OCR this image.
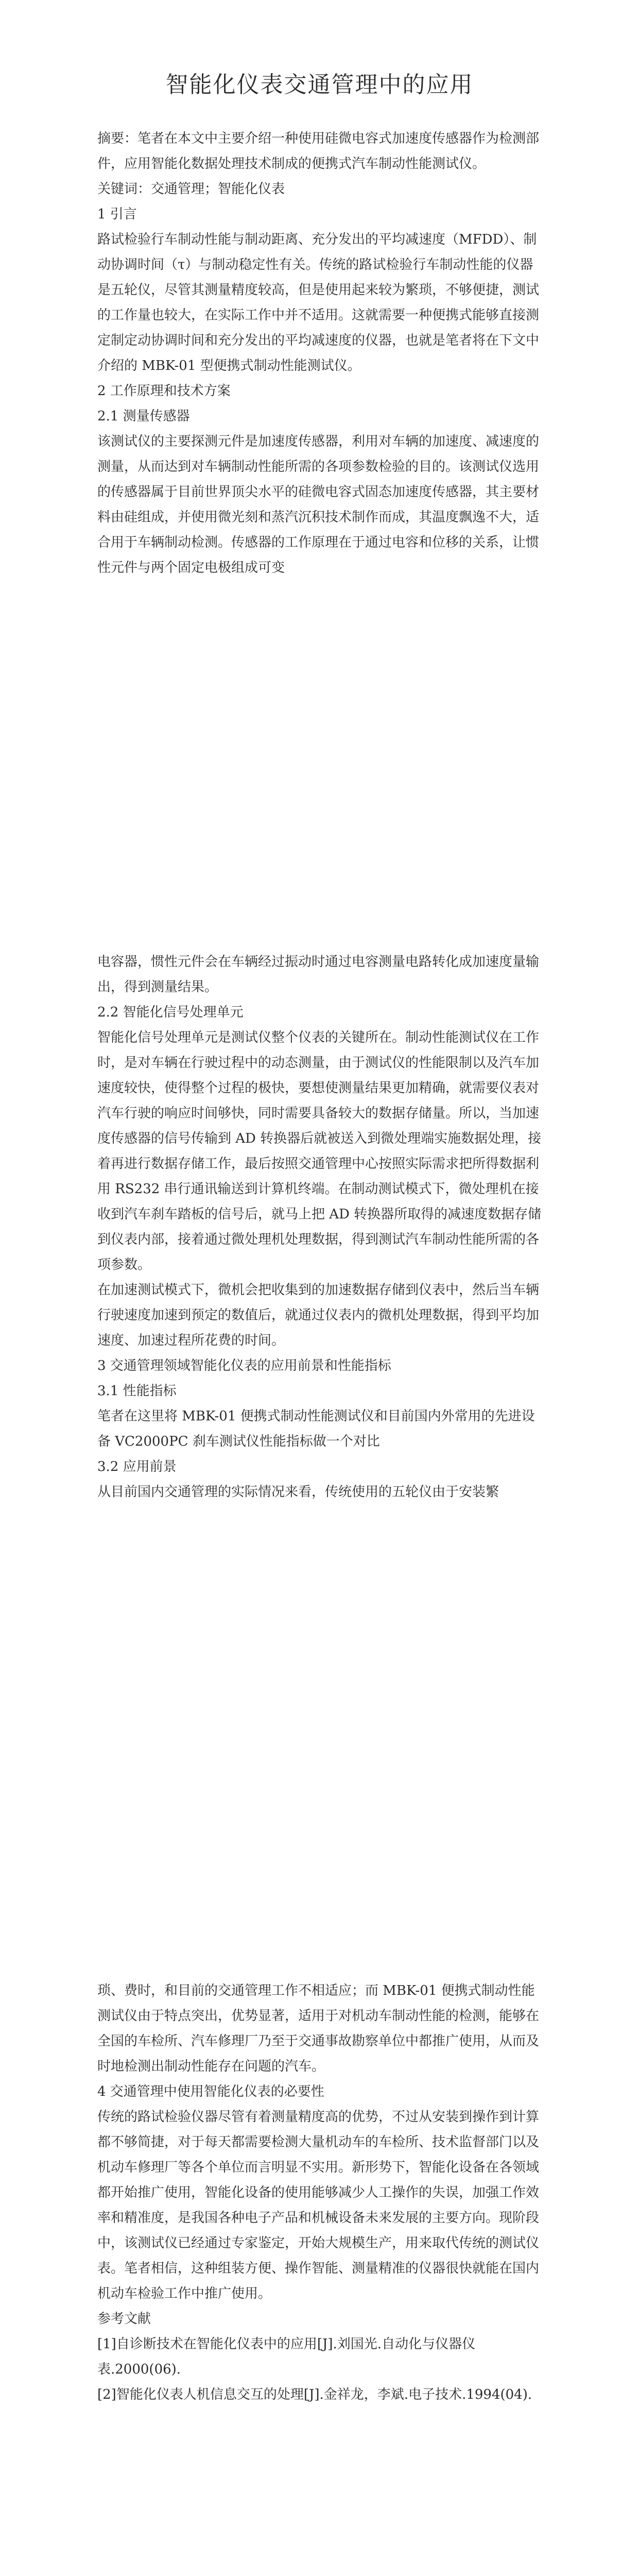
智能化仪表交通管理中的应用

摘要：笔者在本文中主要介绍一种使用硅微电容式加速度传感器作为检测部件，应用智能化数据处理技术制成的便携式汽车制动性能测试仪。

关键词：交通管理；智能化仪表

1 引言

路试检验行车制动性能与制动距离、充分发出的平均减速度（MFDD）、制动协调时间（τ）与制动稳定性有关。传统的路试检验行车制动性能的仪器是五轮仪，尽管其测量精度较高，但是使用起来较为繁琐，不够便捷，测试的工作量也较大，在实际工作中并不适用。这就需要一种便携式能够直接测定制定动协调时间和充分发出的平均减速度的仪器，也就是笔者将在下文中介绍的 MBK-01 型便携式制动性能测试仪。

2 工作原理和技术方案

2.1 测量传感器

该测试仪的主要探测元件是加速度传感器，利用对车辆的加速度、减速度的测量，从而达到对车辆制动性能所需的各项参数检验的目的。该测试仪选用的传感器属于目前世界顶尖水平的硅微电容式固态加速度传感器，其主要材料由硅组成，并使用微光刻和蒸汽沉积技术制作而成，其温度飘逸不大，适合用于车辆制动检测。传感器的工作原理在于通过电容和位移的关系，让惯性元件与两个固定电极组成可变

电容器，惯性元件会在车辆经过振动时通过电容测量电路转化成加速度量输出，得到测量结果。

2.2 智能化信号处理单元

智能化信号处理单元是测试仪整个仪表的关键所在。制动性能测试仪在工作时，是对车辆在行驶过程中的动态测量，由于测试仪的性能限制以及汽车加速度较快，使得整个过程的极快，要想使测量结果更加精确，就需要仪表对汽车行驶的响应时间够快，同时需要具备较大的数据存储量。所以，当加速度传感器的信号传输到 AD 转换器后就被送入到微处理端实施数据处理，接着再进行数据存储工作，最后按照交通管理中心按照实际需求把所得数据利用 RS232 串行通讯输送到计算机终端。在制动测试模式下，微处理机在接收到汽车刹车踏板的信号后，就马上把 AD 转换器所取得的减速度数据存储到仪表内部，接着通过微处理机处理数据，得到测试汽车制动性能所需的各项参数。

在加速测试模式下，微机会把收集到的加速数据存储到仪表中，然后当车辆行驶速度加速到预定的数值后，就通过仪表内的微机处理数据，得到平均加速度、加速过程所花费的时间。

3 交通管理领域智能化仪表的应用前景和性能指标

3.1 性能指标

笔者在这里将 MBK-01 便携式制动性能测试仪和目前国内外常用的先进设备 VC2000PC 刹车测试仪性能指标做一个对比

3.2 应用前景

从目前国内交通管理的实际情况来看，传统使用的五轮仪由于安装繁

琐、费时，和目前的交通管理工作不相适应；而 MBK-01 便携式制动性能测试仪由于特点突出，优势显著，适用于对机动车制动性能的检测，能够在全国的车检所、汽车修理厂乃至于交通事故勘察单位中都推广使用，从而及时地检测出制动性能存在问题的汽车。

4 交通管理中使用智能化仪表的必要性

传统的路试检验仪器尽管有着测量精度高的优势，不过从安装到操作到计算都不够简捷，对于每天都需要检测大量机动车的车检所、技术监督部门以及机动车修理厂等各个单位而言明显不实用。新形势下，智能化设备在各领域都开始推广使用，智能化设备的使用能够减少人工操作的失误，加强工作效率和精准度，是我国各种电子产品和机械设备未来发展的主要方向。现阶段中，该测试仪已经通过专家鉴定，开始大规模生产，用来取代传统的测试仪表。笔者相信，这种组装方便、操作智能、测量精准的仪器很快就能在国内机动车检验工作中推广使用。

参考文献

[1]自诊断技术在智能化仪表中的应用[J].刘国光.自动化与仪器仪表.2000(06).

[2]智能化仪表人机信息交互的处理[J].金祥龙，李斌.电子技术.1994(04).
